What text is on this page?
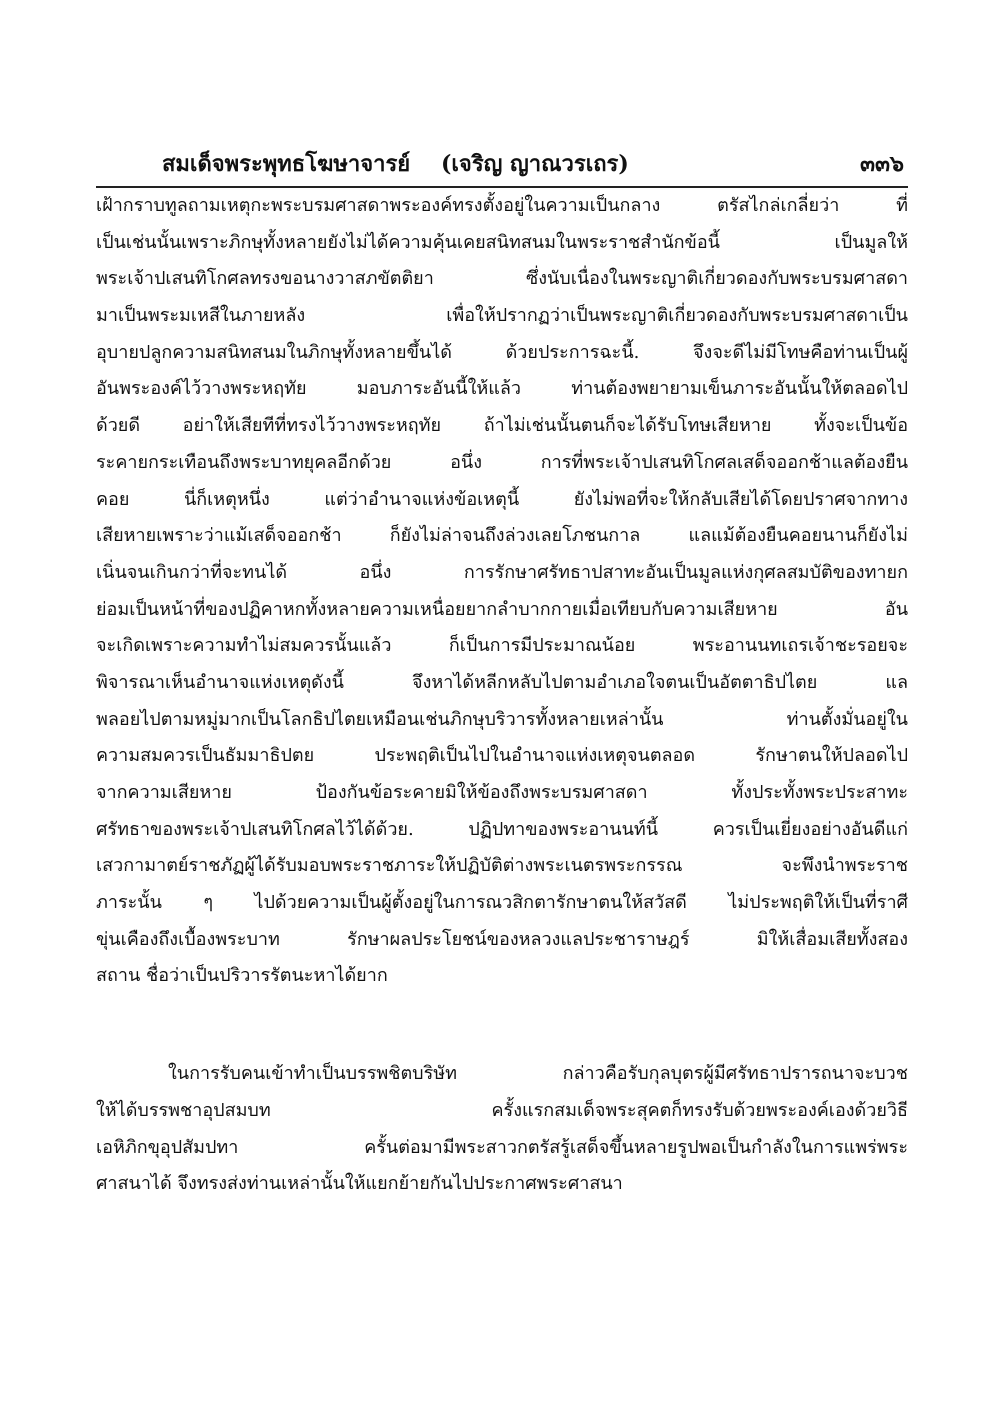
สมเด็จพระพุทธโฆษาจารย์ (เจริญ ญาณวรเถร)	๓๓๖
เฝ้ากราบทูลถามเหตุกะพระบรมศาสดาพระองค์ทรงตั้งอยู่ในความเป็นกลาง ตรัสไกล่เกลี่ยว่า ที่
เป็นเช่นนั้นเพราะภิกษุทั้งหลายยังไม่ได้ความคุ้นเคยสนิทสนมในพระราชสำนักข้อนี้ เป็นมูลให้
พระเจ้าปเสนทิโกศลทรงขอนางวาสภขัตติยา ซึ่งนับเนื่องในพระญาติเกี่ยวดองกับพระบรมศาสดา
มาเป็นพระมเหสีในภายหลัง เพื่อให้ปรากฏว่าเป็นพระญาติเกี่ยวดองกับพระบรมศาสดาเป็น
อุบายปลูกความสนิทสนมในภิกษุทั้งหลายขึ้นได้ ด้วยประการฉะนี้. จึงจะดีไม่มีโทษคือท่านเป็นผู้
อันพระองค์ไว้วางพระหฤทัย มอบภาระอันนี้ให้แล้ว ท่านต้องพยายามเข็นภาระอันนั้นให้ตลอดไป
ด้วยดี อย่าให้เสียทีที่ทรงไว้วางพระหฤทัย ถ้าไม่เช่นนั้นตนก็จะได้รับโทษเสียหาย ทั้งจะเป็นข้อ
ระคายกระเทือนถึงพระบาทยุคลอีกด้วย อนึ่ง การที่พระเจ้าปเสนทิโกศลเสด็จออกช้าแลต้องยืน
คอย นี่ก็เหตุหนึ่ง แต่ว่าอำนาจแห่งข้อเหตุนี้ ยังไม่พอที่จะให้กลับเสียได้โดยปราศจากทาง
เสียหายเพราะว่าแม้เสด็จออกช้า ก็ยังไม่ล่าจนถึงล่วงเลยโภชนกาล แลแม้ต้องยืนคอยนานก็ยังไม่
เนิ่นจนเกินกว่าที่จะทนได้ อนึ่ง การรักษาศรัทธาปสาทะอันเป็นมูลแห่งกุศลสมบัติของทายก
ย่อมเป็นหน้าที่ของปฏิคาหกทั้งหลายความเหนื่อยยากลำบากกายเมื่อเทียบกับความเสียหาย อัน
จะเกิดเพราะความทำไม่สมควรนั้นแล้ว ก็เป็นการมีประมาณน้อย พระอานนทเถรเจ้าชะรอยจะ
พิจารณาเห็นอำนาจแห่งเหตุดังนี้ จึงหาได้หลีกหลับไปตามอำเภอใจตนเป็นอัตตาธิปไตย แล
พลอยไปตามหมู่มากเป็นโลกธิปไตยเหมือนเช่นภิกษุบริวารทั้งหลายเหล่านั้น ท่านตั้งมั่นอยู่ใน
ความสมควรเป็นธัมมาธิปตย ประพฤติเป็นไปในอำนาจแห่งเหตุจนตลอด รักษาตนให้ปลอดไป
จากความเสียหาย ป้องกันข้อระคายมิให้ข้องถึงพระบรมศาสดา ทั้งประทั้งพระประสาทะ
ศรัทธาของพระเจ้าปเสนทิโกศลไว้ได้ด้วย. ปฏิปทาของพระอานนท์นี้ ควรเป็นเยี่ยงอย่างอันดีแก่
เสวกามาตย์ราชภัฏผู้ได้รับมอบพระราชภาระให้ปฏิบัติต่างพระเนตรพระกรรณ จะพึงนำพระราช
ภาระนั้น ๆ ไปด้วยความเป็นผู้ตั้งอยู่ในการณวสิกตารักษาตนให้สวัสดี ไม่ประพฤติให้เป็นที่ราศี
ขุ่นเคืองถึงเบื้องพระบาท รักษาผลประโยชน์ของหลวงแลประชาราษฎร์ มิให้เสื่อมเสียทั้งสอง
สถาน ชื่อว่าเป็นปริวารรัตนะหาได้ยาก
ในการรับคนเข้าทำเป็นบรรพชิตบริษัท กล่าวคือรับกุลบุตรผู้มีศรัทธาปรารถนาจะบวช
ให้ได้บรรพชาอุปสมบท ครั้งแรกสมเด็จพระสุคตก็ทรงรับด้วยพระองค์เองด้วยวิธี
เอหิภิกขุอุปสัมปทา ครั้นต่อมามีพระสาวกตรัสรู้เสด็จขึ้นหลายรูปพอเป็นกำลังในการแพร่พระ
ศาสนาได้ จึงทรงส่งท่านเหล่านั้นให้แยกย้ายกันไปประกาศพระศาสนา
